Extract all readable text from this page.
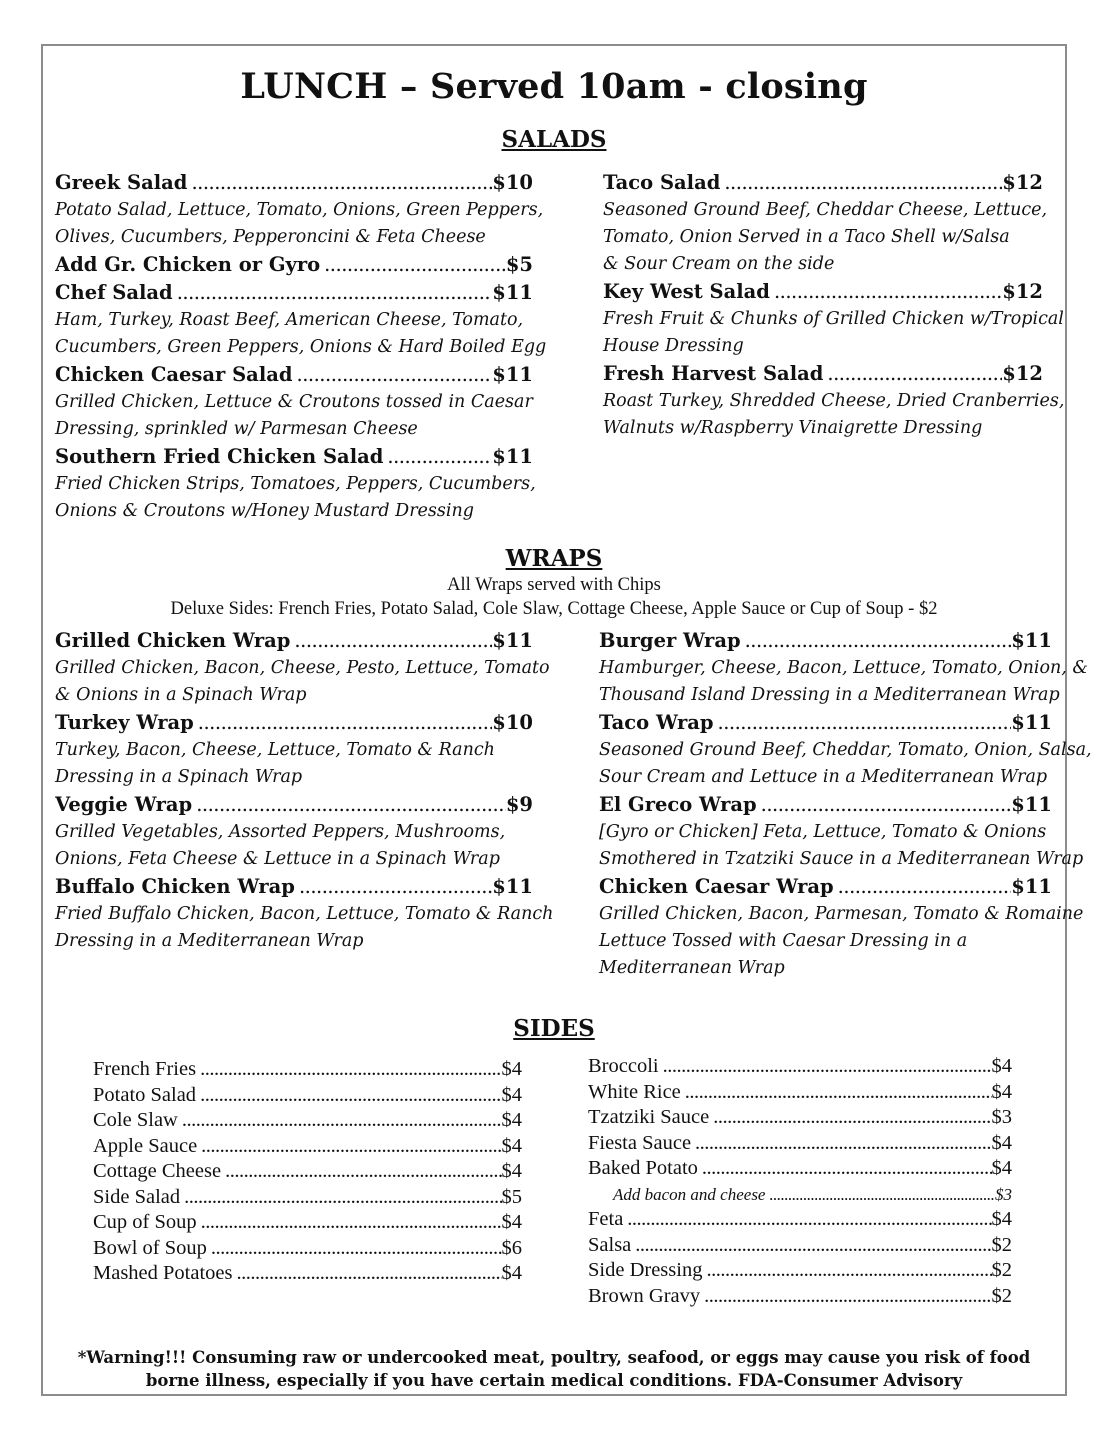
LUNCH – Served 10am - closing
SALADS
Greek Salad .....	$10
Potato Salad, Lettuce, Tomato, Onions, Green Peppers,
Olives, Cucumbers, Pepperoncini & Feta Cheese
Add Gr. Chicken or Gyro .....	$5
Chef Salad .....	$11
Ham, Turkey, Roast Beef, American Cheese, Tomato,
Cucumbers, Green Peppers, Onions & Hard Boiled Egg
Chicken Caesar Salad .....	$11
Grilled Chicken, Lettuce & Croutons tossed in Caesar
Dressing, sprinkled w/ Parmesan Cheese
Southern Fried Chicken Salad .....	$11
Fried Chicken Strips, Tomatoes, Peppers, Cucumbers,
Onions & Croutons w/Honey Mustard Dressing
Taco Salad .....	$12
Seasoned Ground Beef, Cheddar Cheese, Lettuce,
Tomato, Onion Served in a Taco Shell w/Salsa
& Sour Cream on the side
Key West Salad .....	$12
Fresh Fruit & Chunks of Grilled Chicken w/Tropical
House Dressing
Fresh Harvest Salad .....	$12
Roast Turkey, Shredded Cheese, Dried Cranberries,
Walnuts w/Raspberry Vinaigrette Dressing
WRAPS
All Wraps served with Chips
Deluxe Sides: French Fries, Potato Salad, Cole Slaw, Cottage Cheese, Apple Sauce or Cup of Soup - $2
Grilled Chicken Wrap .....	$11
Grilled Chicken, Bacon, Cheese, Pesto, Lettuce, Tomato
& Onions in a Spinach Wrap
Turkey Wrap .....	$10
Turkey, Bacon, Cheese, Lettuce, Tomato & Ranch
Dressing in a Spinach Wrap
Veggie Wrap .....	$9
Grilled Vegetables, Assorted Peppers, Mushrooms,
Onions, Feta Cheese & Lettuce in a Spinach Wrap
Buffalo Chicken Wrap .....	$11
Fried Buffalo Chicken, Bacon, Lettuce, Tomato & Ranch
Dressing in a Mediterranean Wrap
Burger Wrap .....	$11
Hamburger, Cheese, Bacon, Lettuce, Tomato, Onion, &
Thousand Island Dressing in a Mediterranean Wrap
Taco Wrap .....	$11
Seasoned Ground Beef, Cheddar, Tomato, Onion, Salsa,
Sour Cream and Lettuce in a Mediterranean Wrap
El Greco Wrap .....	$11
[Gyro or Chicken] Feta, Lettuce, Tomato & Onions
Smothered in Tzatziki Sauce in a Mediterranean Wrap
Chicken Caesar Wrap .....	$11
Grilled Chicken, Bacon, Parmesan, Tomato & Romaine
Lettuce Tossed with Caesar Dressing in a
Mediterranean Wrap
SIDES
French Fries .....	$4
Potato Salad .....	$4
Cole Slaw .....	$4
Apple Sauce .....	$4
Cottage Cheese .....	$4
Side Salad .....	$5
Cup of Soup .....	$4
Bowl of Soup .....	$6
Mashed Potatoes .....	$4
Broccoli .....	$4
White Rice .....	$4
Tzatziki Sauce .....	$3
Fiesta Sauce .....	$4
Baked Potato .....	$4
Add bacon and cheese .....	$3
Feta .....	$4
Salsa .....	$2
Side Dressing .....	$2
Brown Gravy .....	$2
*Warning!!! Consuming raw or undercooked meat, poultry, seafood, or eggs may cause you risk of food
borne illness, especially if you have certain medical conditions. FDA-Consumer Advisory
